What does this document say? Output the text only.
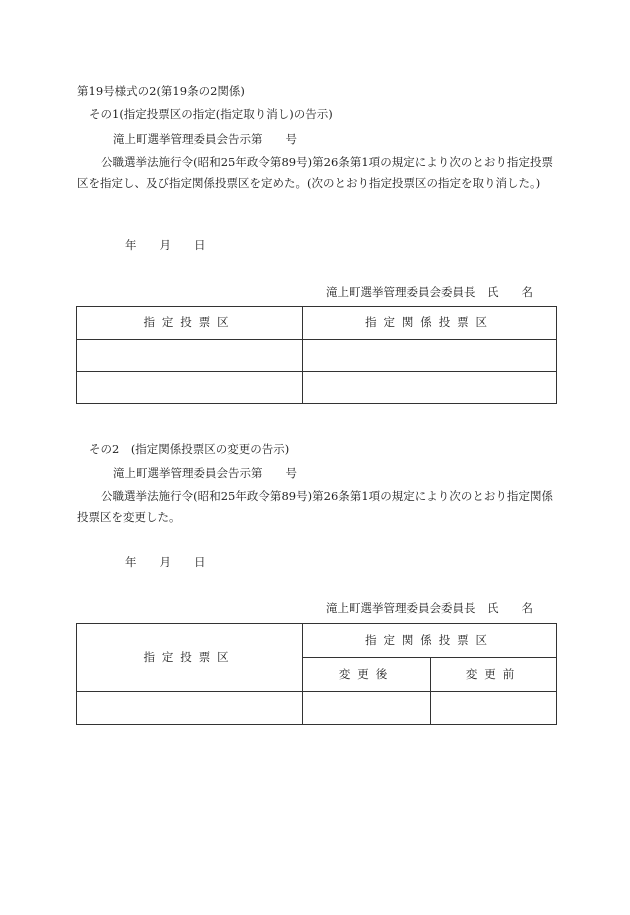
第19号様式の2(第19条の2関係)
その1(指定投票区の指定(指定取り消し)の告示)
滝上町選挙管理委員会告示第　　号
公職選挙法施行令(昭和25年政令第89号)第26条第1項の規定により次のとおり指定投票区を指定し、及び指定関係投票区を定めた。(次のとおり指定投票区の指定を取り消した。)
年　　月　　日
滝上町選挙管理委員会委員長　氏　　名
指定投票区	指定関係投票区

その2　(指定関係投票区の変更の告示)
滝上町選挙管理委員会告示第　　号
公職選挙法施行令(昭和25年政令第89号)第26条第1項の規定により次のとおり指定関係投票区を変更した。
年　　月　　日
滝上町選挙管理委員会委員長　氏　　名
指定投票区	指定関係投票区	
	変更後	変更前
